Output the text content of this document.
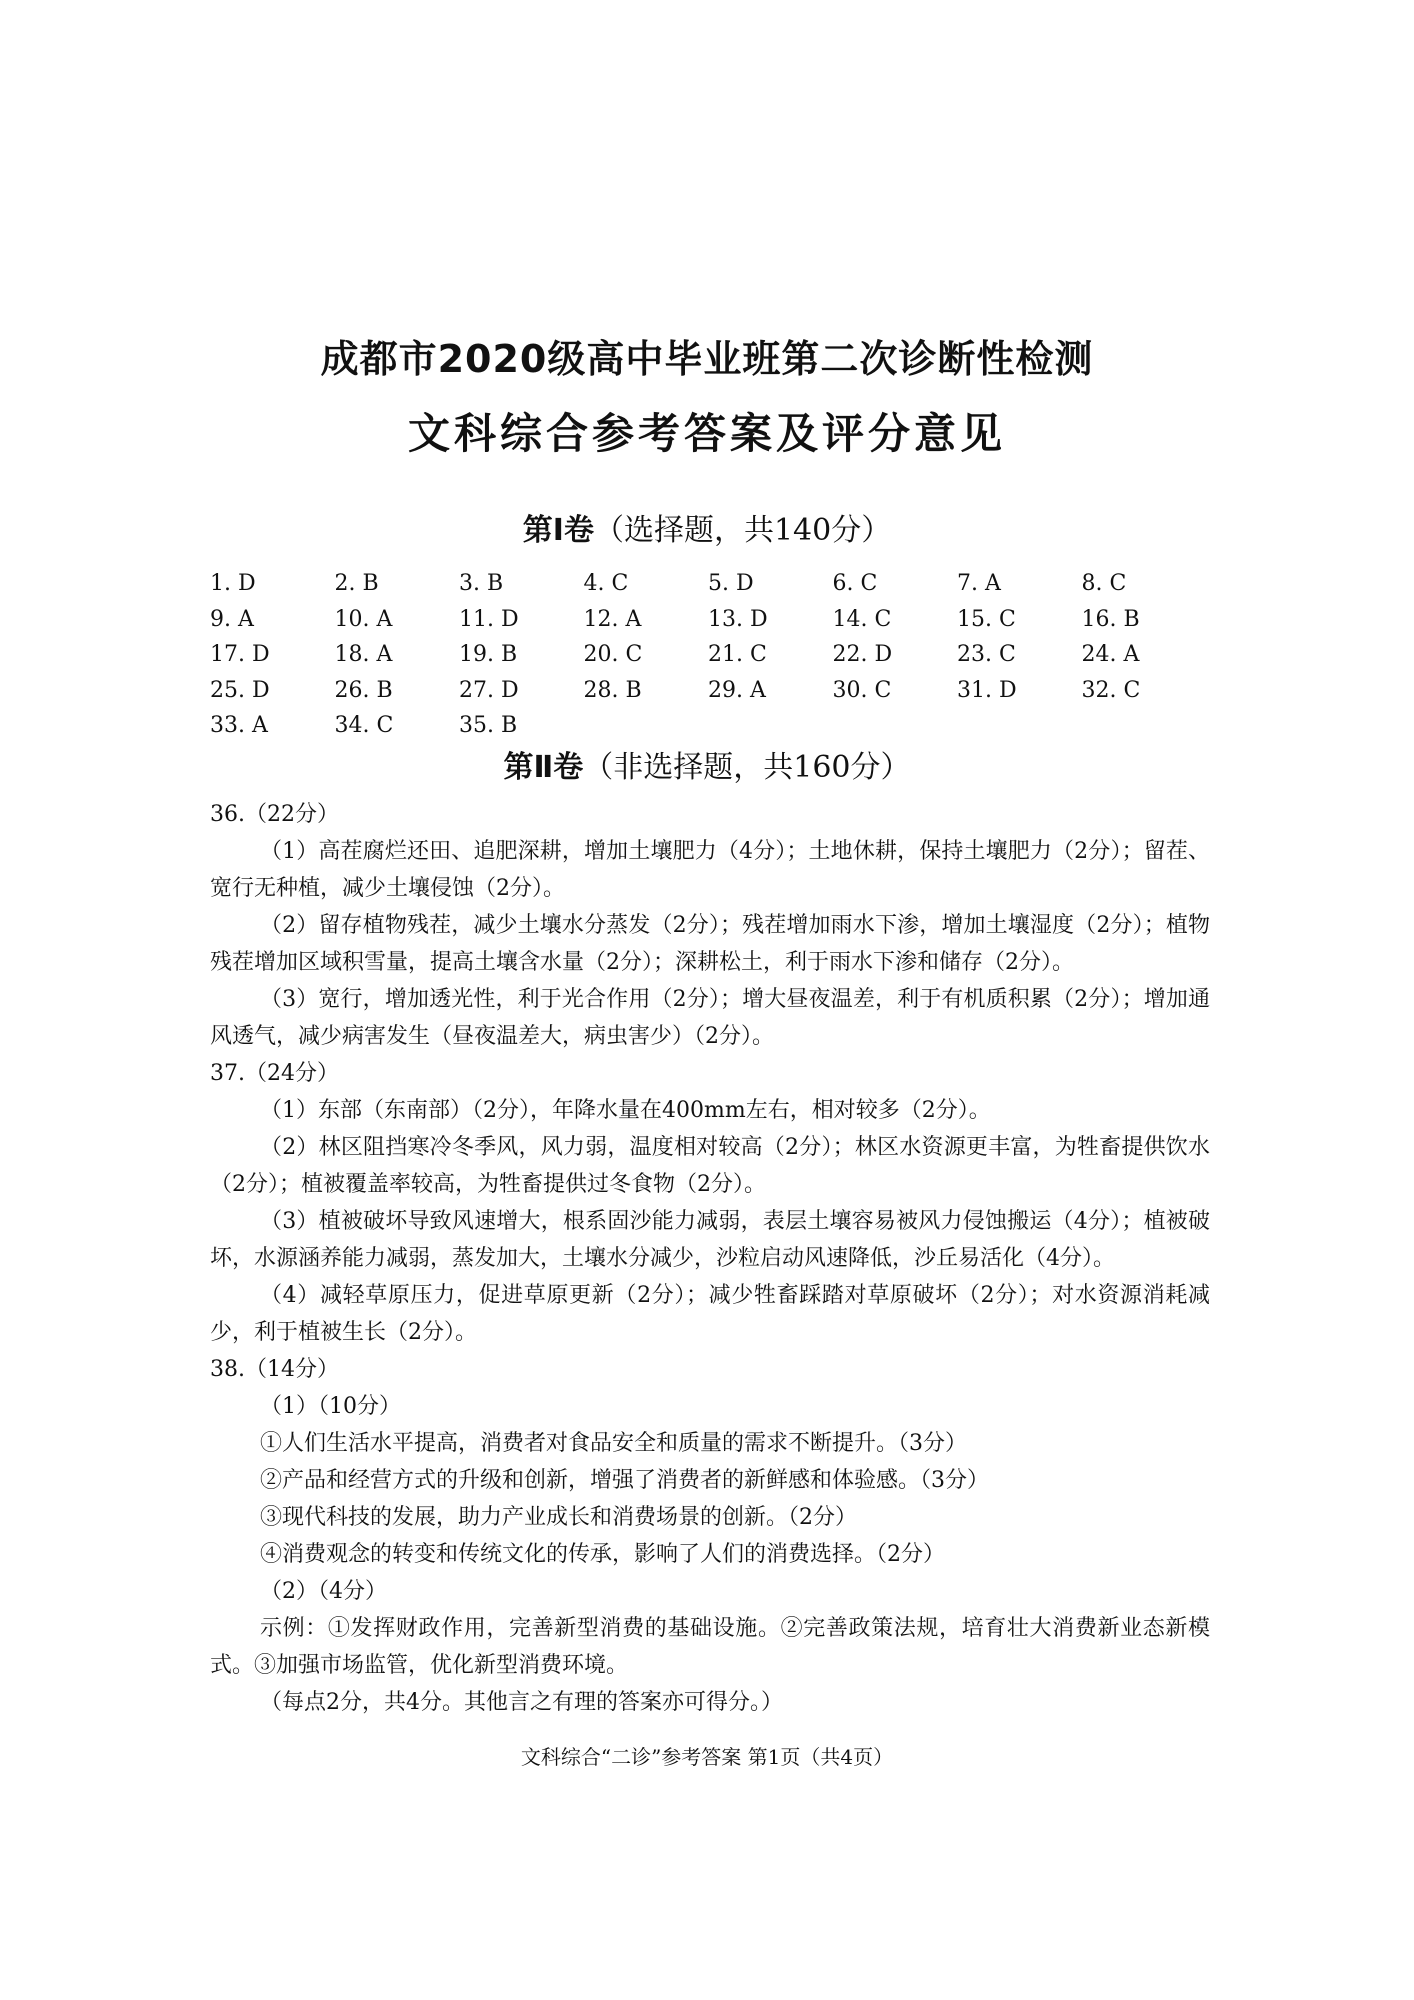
成都市2020级高中毕业班第二次诊断性检测
文科综合参考答案及评分意见
第Ⅰ卷（选择题，共140分）
1. D	2. B	3. B	4. C	5. D	6. C	7. A	8. C
9. A	10. A	11. D	12. A	13. D	14. C	15. C	16. B
17. D	18. A	19. B	20. C	21. C	22. D	23. C	24. A
25. D	26. B	27. D	28. B	29. A	30. C	31. D	32. C
33. A	34. C	35. B
第Ⅱ卷（非选择题，共160分）

36.（22分）

（1）高茬腐烂还田、追肥深耕，增加土壤肥力（4分）；土地休耕，保持土壤肥力（2分）；留茬、宽行无种植，减少土壤侵蚀（2分）。

（2）留存植物残茬，减少土壤水分蒸发（2分）；残茬增加雨水下渗，增加土壤湿度（2分）；植物残茬增加区域积雪量，提高土壤含水量（2分）；深耕松土，利于雨水下渗和储存（2分）。

（3）宽行，增加透光性，利于光合作用（2分）；增大昼夜温差，利于有机质积累（2分）；增加通风透气，减少病害发生（昼夜温差大，病虫害少）（2分）。

37.（24分）

（1）东部（东南部）（2分），年降水量在400mm左右，相对较多（2分）。

（2）林区阻挡寒冷冬季风，风力弱，温度相对较高（2分）；林区水资源更丰富，为牲畜提供饮水（2分）；植被覆盖率较高，为牲畜提供过冬食物（2分）。

（3）植被破坏导致风速增大，根系固沙能力减弱，表层土壤容易被风力侵蚀搬运（4分）；植被破坏，水源涵养能力减弱，蒸发加大，土壤水分减少，沙粒启动风速降低，沙丘易活化（4分）。

（4）减轻草原压力，促进草原更新（2分）；减少牲畜踩踏对草原破坏（2分）；对水资源消耗减少，利于植被生长（2分）。

38.（14分）

（1）（10分）

①人们生活水平提高，消费者对食品安全和质量的需求不断提升。（3分）

②产品和经营方式的升级和创新，增强了消费者的新鲜感和体验感。（3分）

③现代科技的发展，助力产业成长和消费场景的创新。（2分）

④消费观念的转变和传统文化的传承，影响了人们的消费选择。（2分）

（2）（4分）

示例：①发挥财政作用，完善新型消费的基础设施。②完善政策法规，培育壮大消费新业态新模式。③加强市场监管，优化新型消费环境。

（每点2分，共4分。其他言之有理的答案亦可得分。）

文科综合“二诊”参考答案 第1页（共4页）
